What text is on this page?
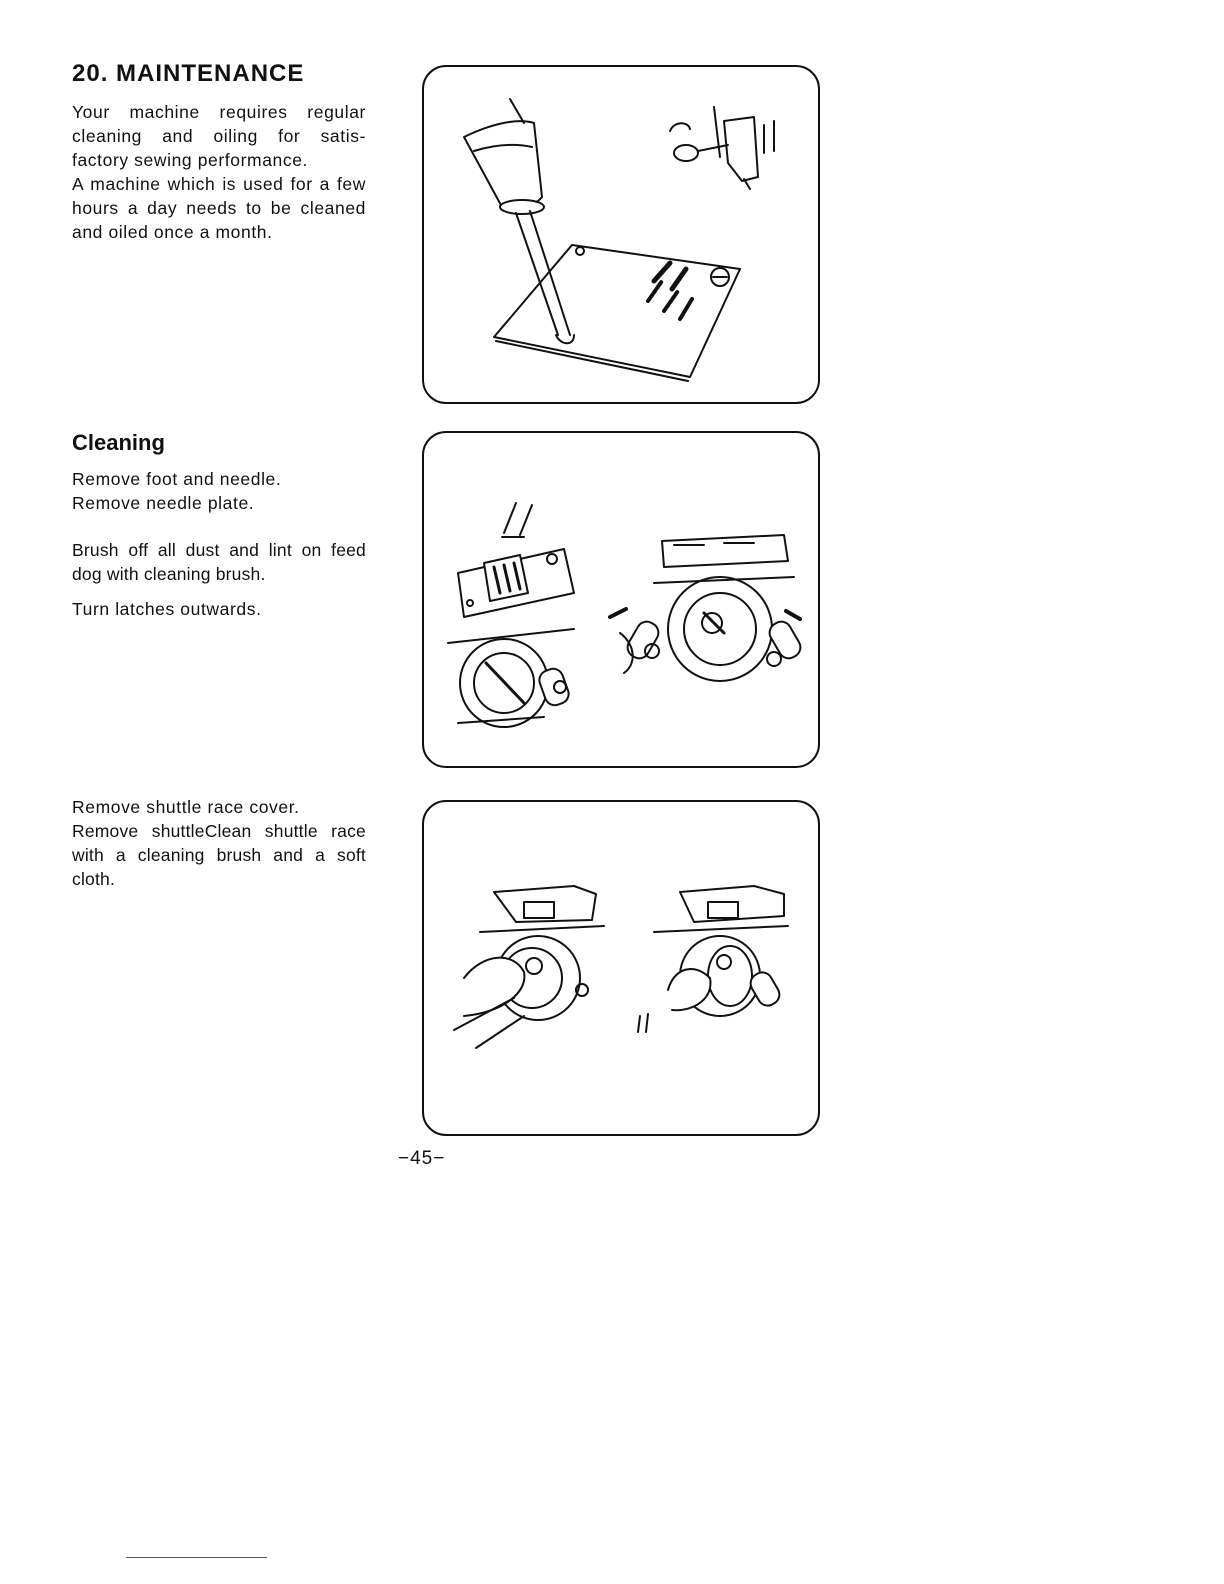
20. MAINTENANCE

Your machine requires regular cleaning and oiling for satis- factory sewing performance.

A machine which is used for a few hours a day needs to be cleaned and oiled once a month.

Cleaning

Remove foot and needle.

Remove needle plate.

Brush off all dust and lint on feed dog with cleaning brush.

Turn latches outwards.

Remove shuttle race cover.

Remove shuttleClean shuttle race with a cleaning brush and a soft cloth.

−45−
